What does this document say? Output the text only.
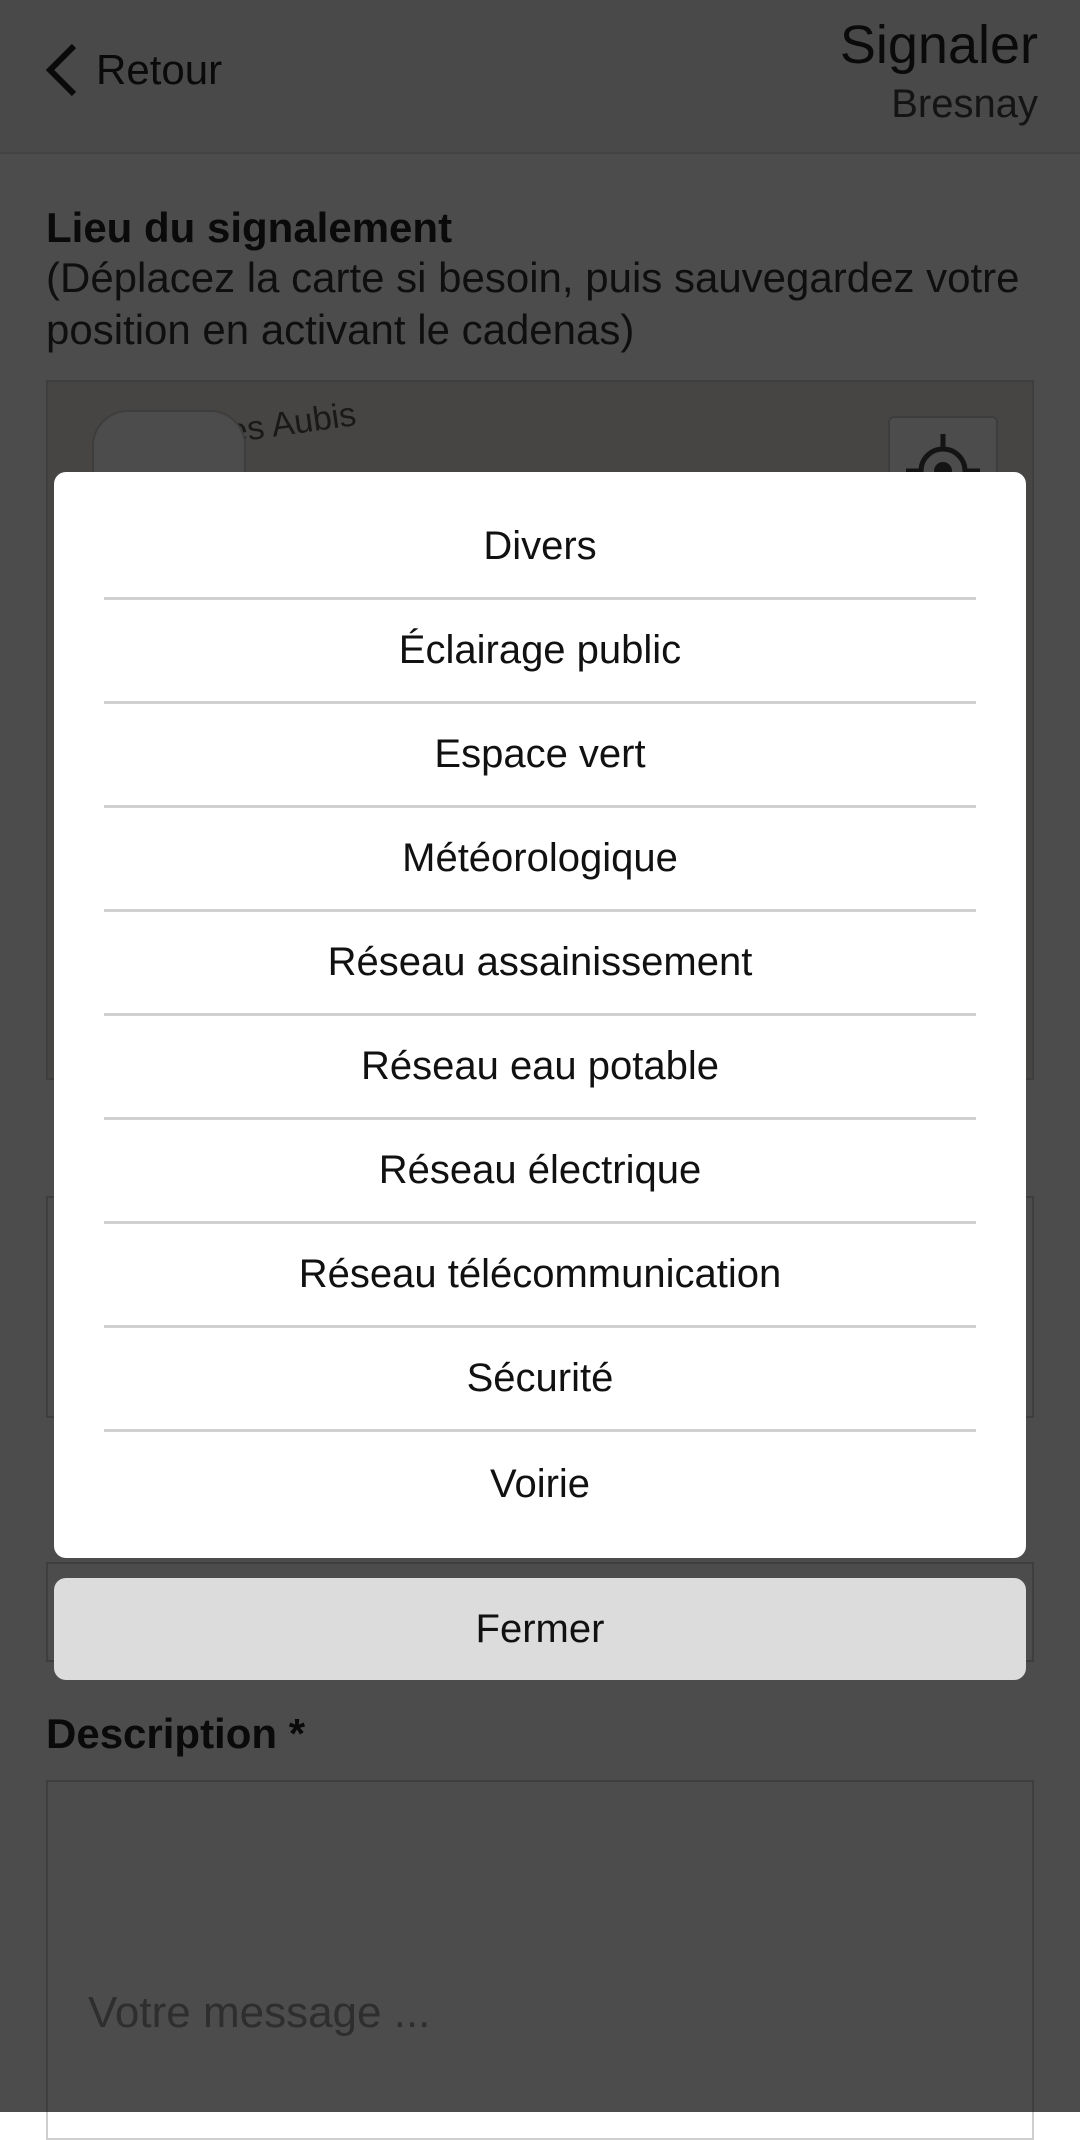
Divers
Éclairage public
Espace vert
Météorologique
Réseau assainissement
Réseau eau potable
Réseau électrique
Réseau télécommunication
Sécurité
Voirie
Fermer
